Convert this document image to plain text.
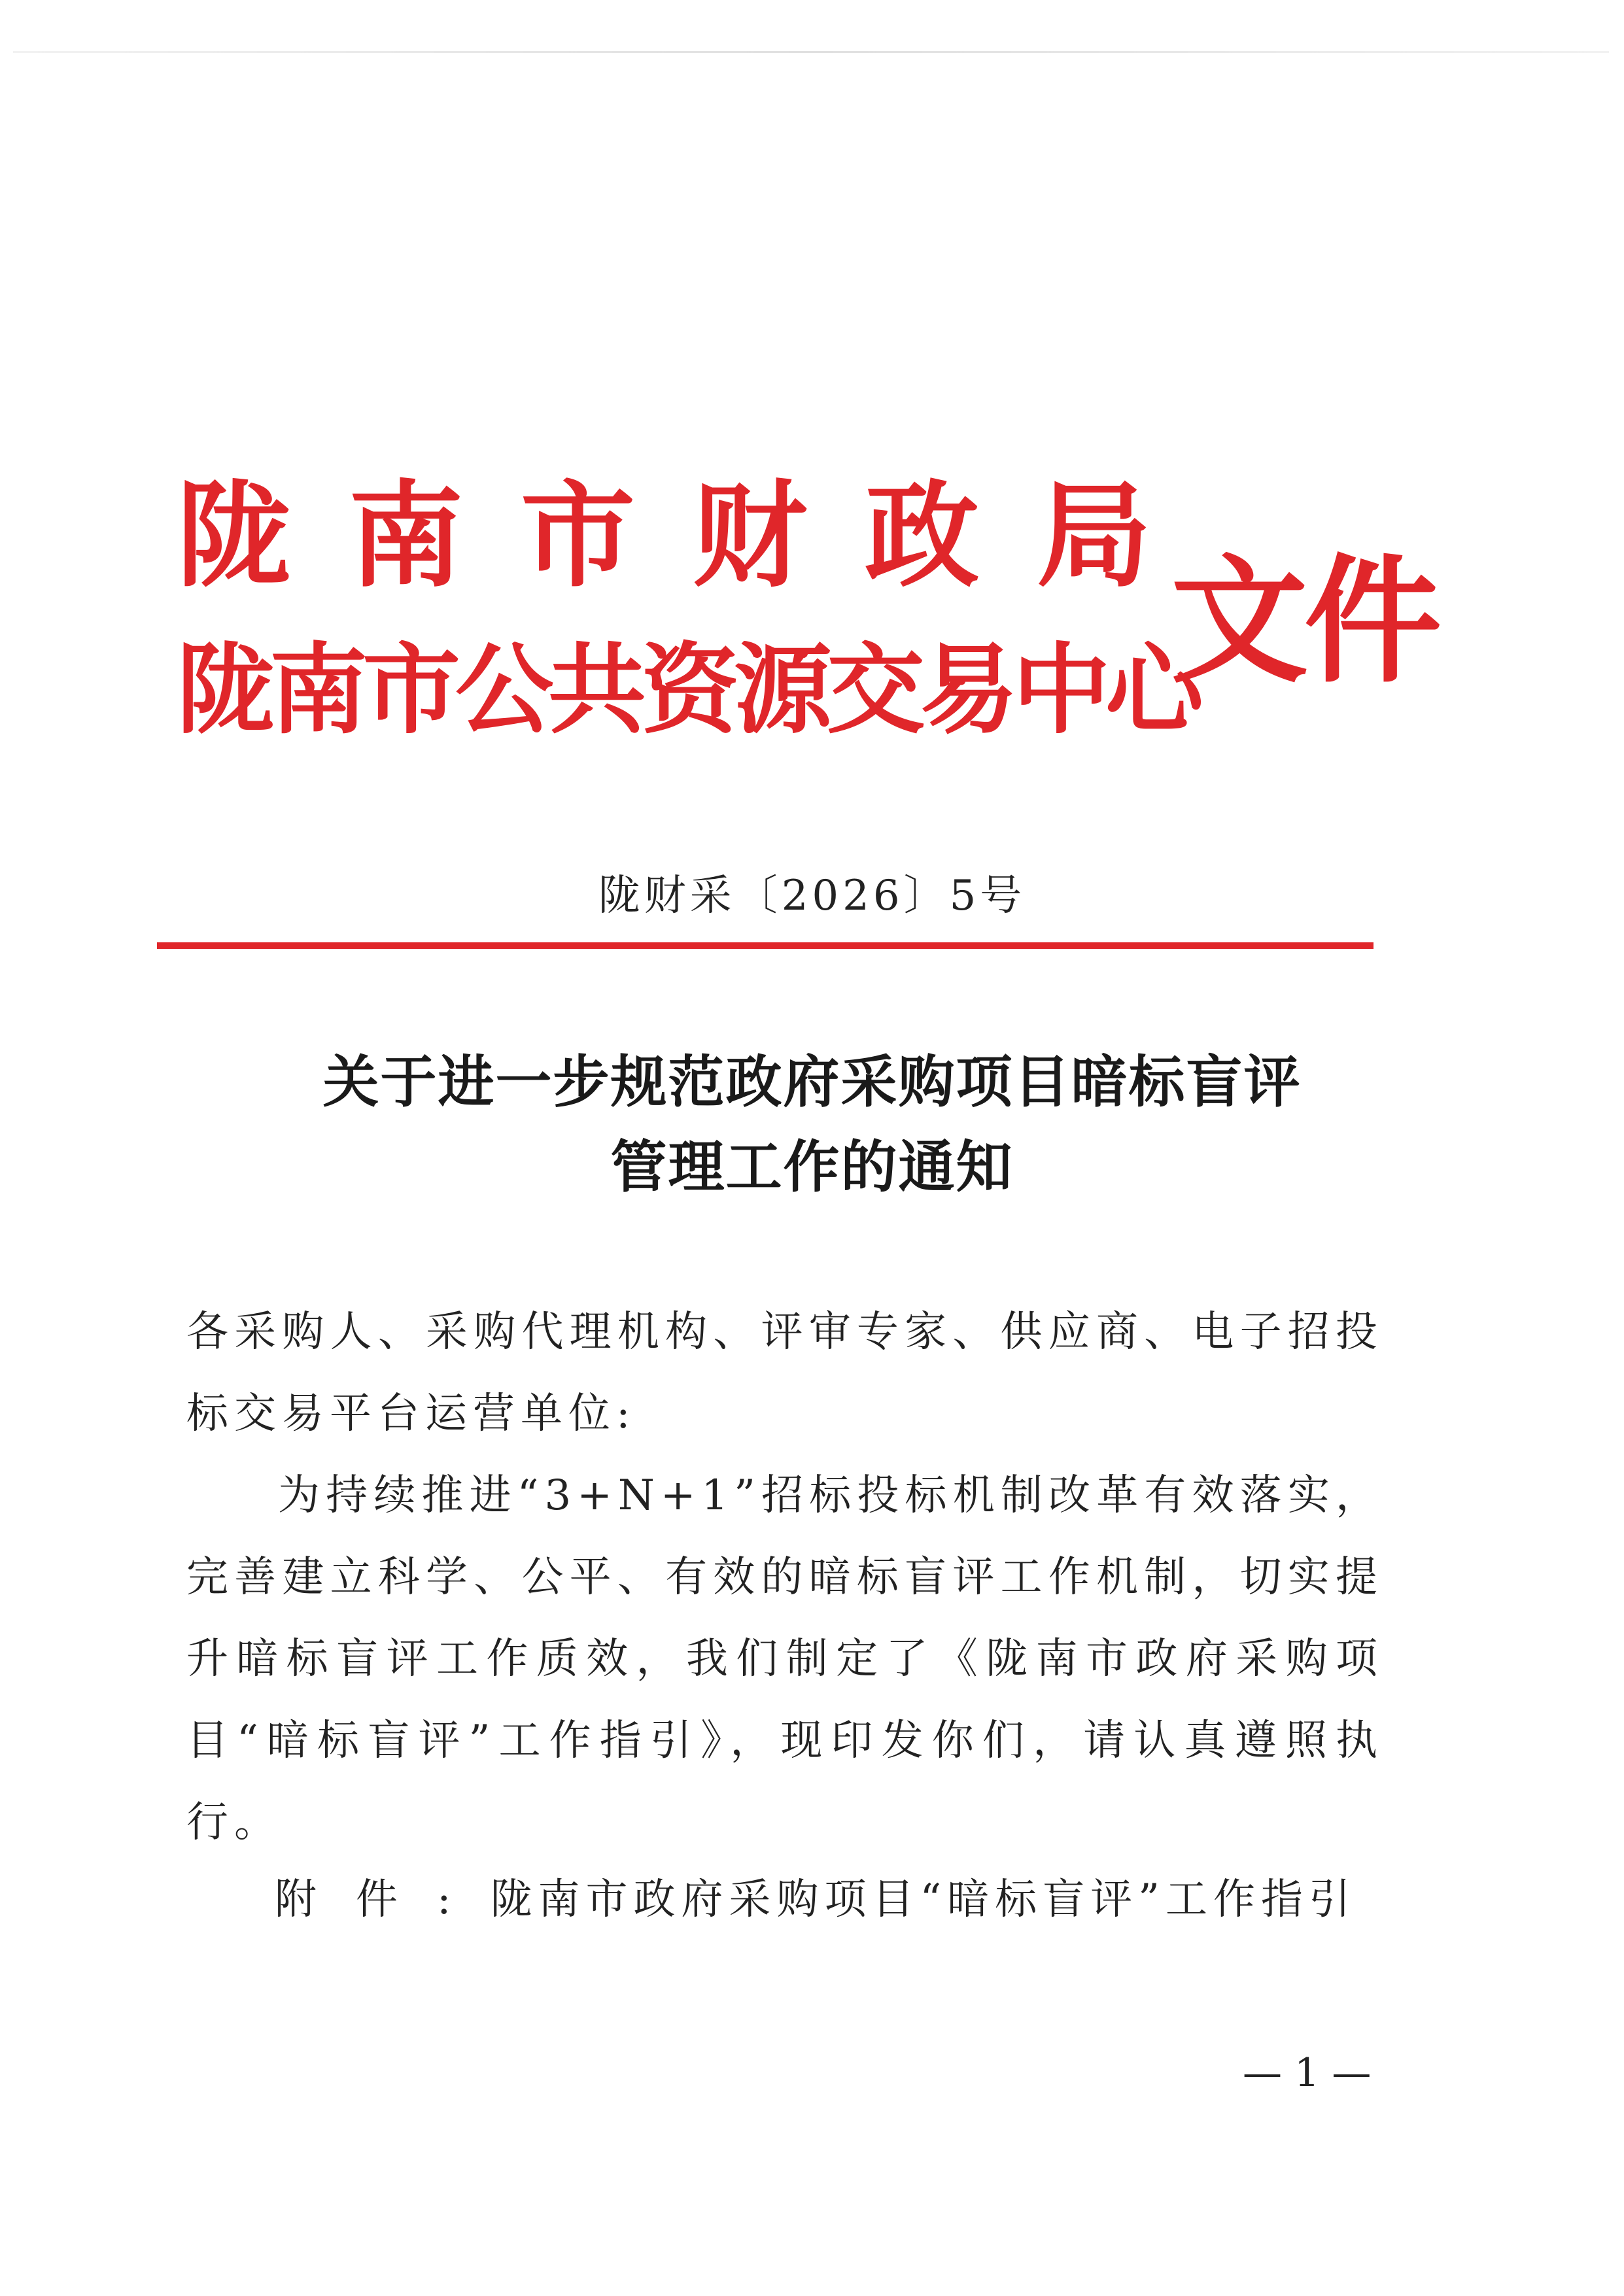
陇 南 市 财 政 局
陇南市公共资源交易中心
文件
陇财采〔2026〕5号
关于进一步规范政府采购项目暗标盲评
管理工作的通知
各采购人、采购代理机构、评审专家、供应商、电子招投标交易平台运营单位:
为持续推进“3+N+1”招标投标机制改革有效落实，完善建立科学、公平、有效的暗标盲评工作机制，切实提升暗标盲评工作质效，我们制定了《陇南市政府采购项目“暗标盲评”工作指引》，现印发你们，请认真遵照执行。
附件:陇南市政府采购项目“暗标盲评”工作指引
— 1 —
